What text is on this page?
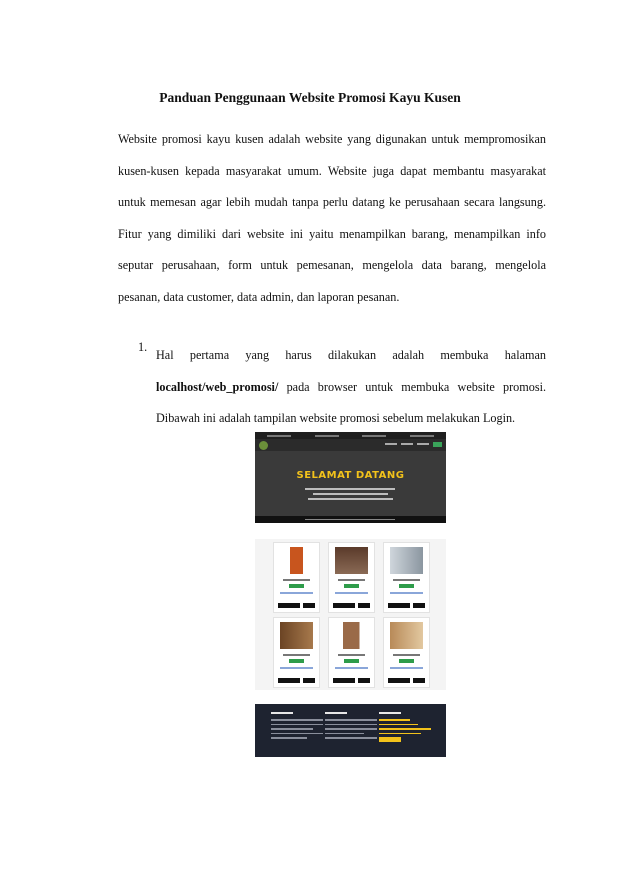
Panduan Penggunaan Website Promosi Kayu Kusen

Website promosi kayu kusen adalah website yang digunakan untuk mempromosikan kusen-kusen kepada masyarakat umum. Website juga dapat membantu masyarakat untuk memesan agar lebih mudah tanpa perlu datang ke perusahaan secara langsung. Fitur yang dimiliki dari website ini yaitu menampilkan barang, menampilkan info seputar perusahaan, form untuk pemesanan, mengelola data barang, mengelola pesanan, data customer, data admin, dan laporan pesanan.

1.
Hal pertama yang harus dilakukan adalah membuka halaman localhost/web_promosi/ pada browser untuk membuka website promosi. Dibawah ini adalah tampilan website promosi sebelum melakukan Login.
SELAMAT DATANG
